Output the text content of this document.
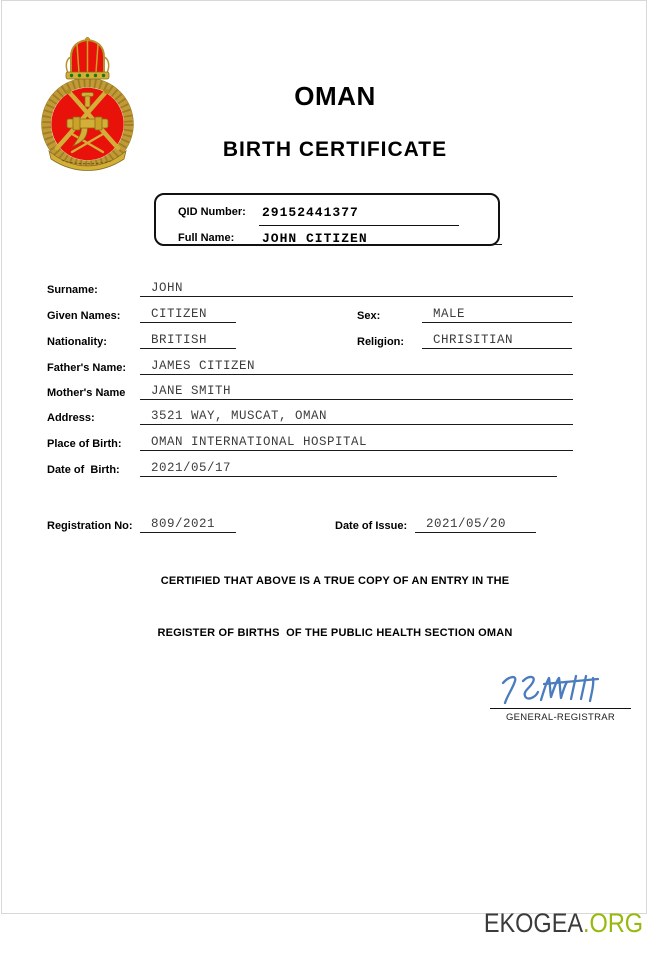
OMAN
BIRTH CERTIFICATE
QID Number: 29152441377
Full Name: JOHN CITIZEN
Surname:	JOHN
Given Names:	CITIZEN	Sex:	MALE
Nationality:	BRITISH	Religion:	CHRISITIAN
Father's Name:	JAMES CITIZEN
Mother's Name	JANE SMITH
Address:	3521 WAY, MUSCAT, OMAN
Place of Birth:	OMAN INTERNATIONAL HOSPITAL
Date of  Birth:	2021/05/17
Registration No:	809/2021	Date of Issue:	2021/05/20
CERTIFIED THAT ABOVE IS A TRUE COPY OF AN ENTRY IN THE
REGISTER OF BIRTHS  OF THE PUBLIC HEALTH SECTION OMAN
GENERAL-REGISTRAR

EKOGEA.ORG
